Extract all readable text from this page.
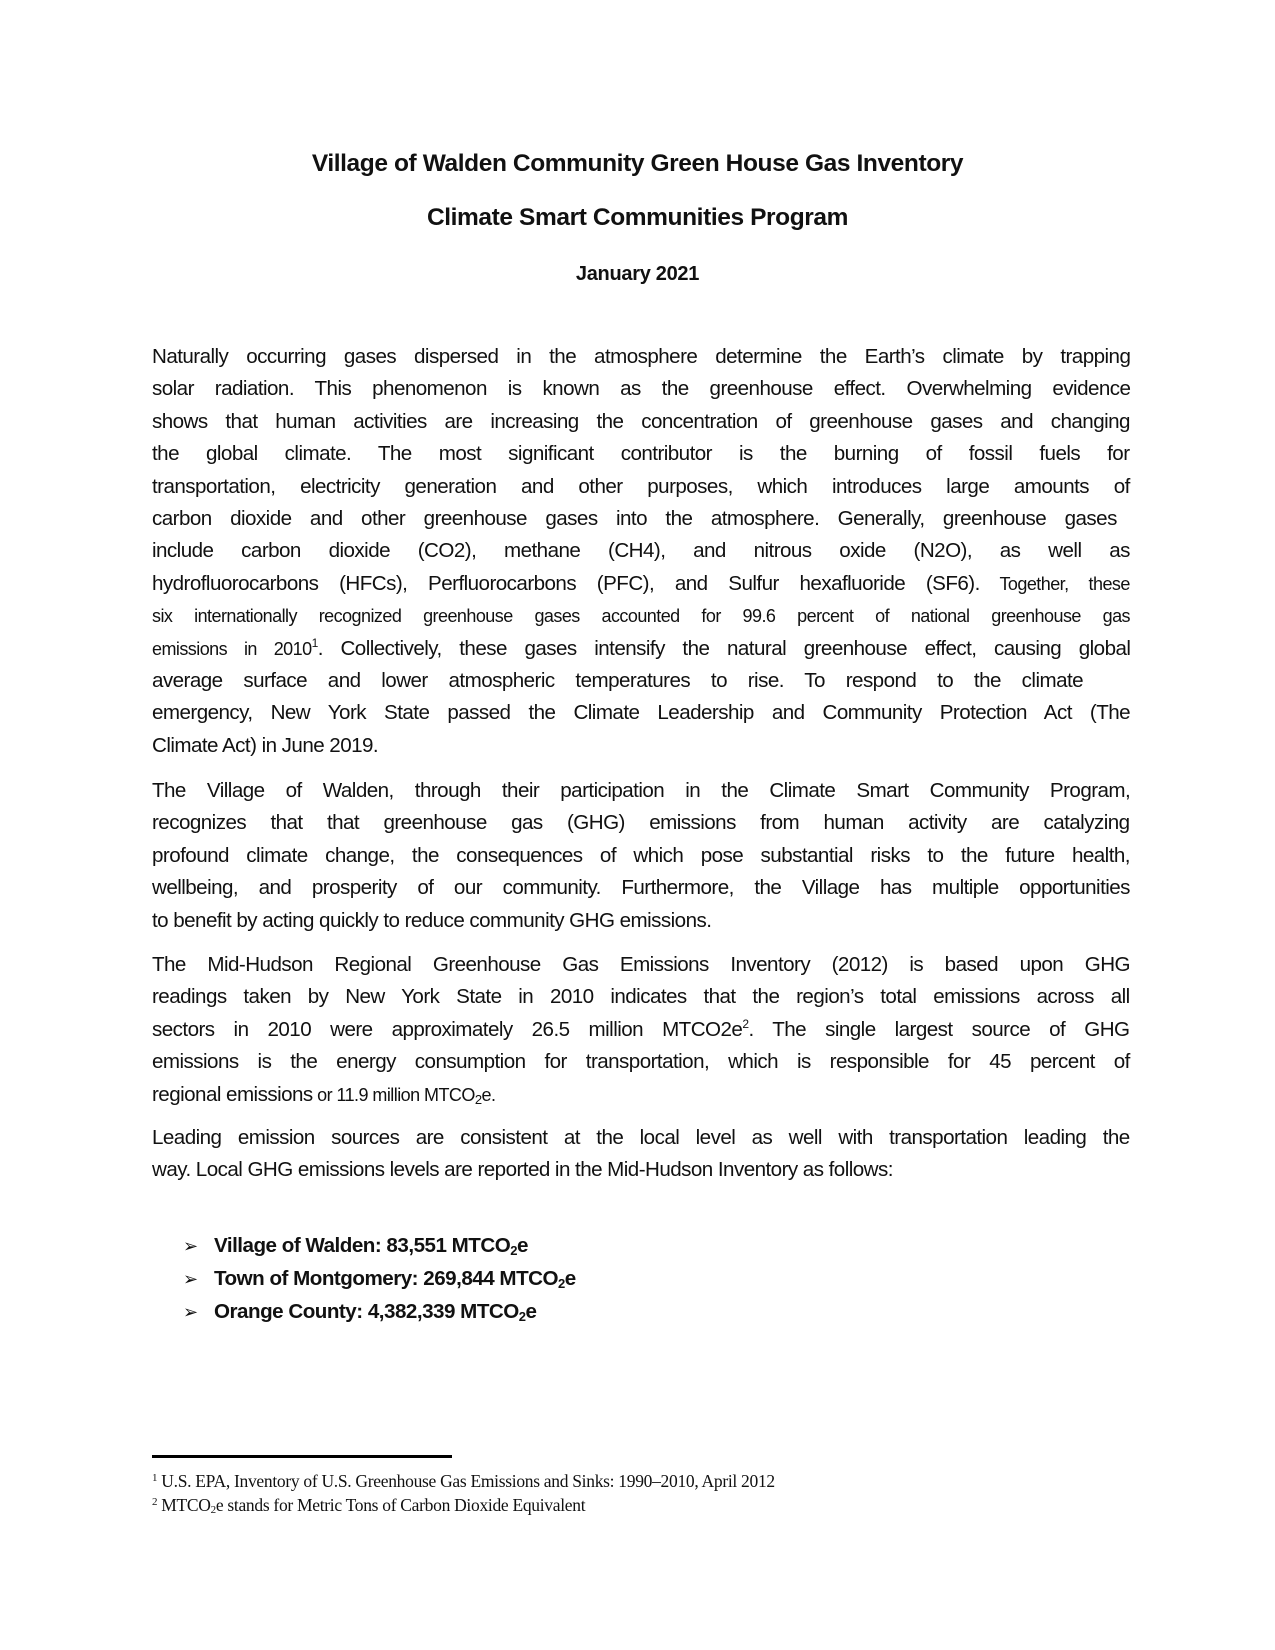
Village of Walden Community Green House Gas Inventory
Climate Smart Communities Program
January 2021
Naturally occurring gases dispersed in the atmosphere determine the Earth’s climate by trapping
solar radiation. This phenomenon is known as the greenhouse effect. Overwhelming evidence
shows that human activities are increasing the concentration of greenhouse gases and changing
the global climate. The most significant contributor is the burning of fossil fuels for
transportation, electricity generation and other purposes, which introduces large amounts of
carbon dioxide and other greenhouse gases into the atmosphere. Generally, greenhouse gases
include carbon dioxide (CO2), methane (CH4), and nitrous oxide (N2O), as well as
hydrofluorocarbons (HFCs), Perfluorocarbons (PFC), and Sulfur hexafluoride (SF6). Together, these
six internationally recognized greenhouse gases accounted for 99.6 percent of national greenhouse gas
emissions in 2010$^1$. Collectively, these gases intensify the natural greenhouse effect, causing global
average surface and lower atmospheric temperatures to rise. To respond to the climate
emergency, New York State passed the Climate Leadership and Community Protection Act (The
Climate Act) in June 2019.
The Village of Walden, through their participation in the Climate Smart Community Program,
recognizes that that greenhouse gas (GHG) emissions from human activity are catalyzing
profound climate change, the consequences of which pose substantial risks to the future health,
wellbeing, and prosperity of our community. Furthermore, the Village has multiple opportunities
to benefit by acting quickly to reduce community GHG emissions.
The Mid-Hudson Regional Greenhouse Gas Emissions Inventory (2012) is based upon GHG
readings taken by New York State in 2010 indicates that the region’s total emissions across all
sectors in 2010 were approximately 26.5 million $MTCO2e^2$. The single largest source of GHG
emissions is the energy consumption for transportation, which is responsible for 45 percent of
regional emissions or 11.9 million $MTCO_2e$.
Leading emission sources are consistent at the local level as well with transportation leading the
way. Local GHG emissions levels are reported in the Mid-Hudson Inventory as follows:
➢ Village of Walden: 83,551 $MTCO_2e$
➢ Town of Montgomery: 269,844 $MTCO_2e$
➢ Orange County: 4,382,339 $MTCO_2e$
$^1$ U.S. EPA, Inventory of U.S. Greenhouse Gas Emissions and Sinks: 1990–2010, April 2012
$^2$ MTCO2e stands for Metric Tons of Carbon Dioxide Equivalent
